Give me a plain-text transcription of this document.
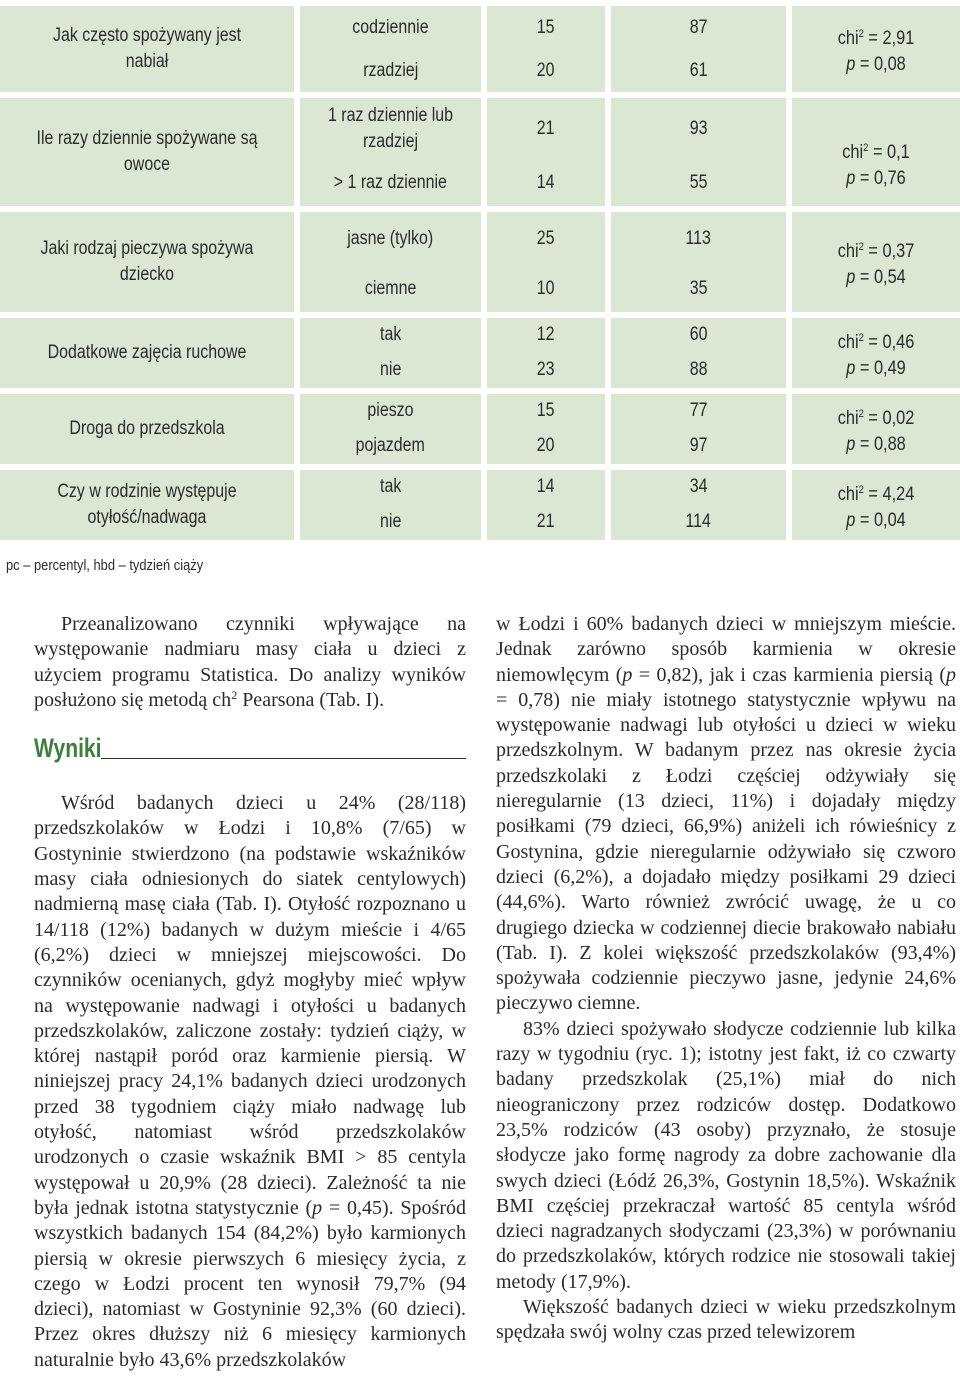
Jak często spożywany jest nabiał
codziennie
rzadziej
15
20
87
61
chi$^2$ = 2,91
p = 0,08
Ile razy dziennie spożywane są owoce
1 raz dziennie lub rzadziej
> 1 raz dziennie
21
14
93
55
chi$^2$ = 0,1
p = 0,76
Jaki rodzaj pieczywa spożywa dziecko
jasne (tylko)
ciemne
25
10
113
35
chi$^2$ = 0,37
p = 0,54
Dodatkowe zajęcia ruchowe
tak
nie
12
23
60
88
chi$^2$ = 0,46
p = 0,49
Droga do przedszkola
pieszo
pojazdem
15
20
77
97
chi$^2$ = 0,02
p = 0,88
Czy w rodzinie występuje otyłość/nadwaga
tak
nie
14
21
34
114
chi$^2$ = 4,24
p = 0,04
pc – percentyl, hbd – tydzień ciąży

Przeanalizowano czynniki wpływające na występowanie nadmiaru masy ciała u dzieci z użyciem programu Statistica. Do analizy wyników posłużono się metodą $ch^2$ Pearsona (Tab. I).

Wyniki

Wśród badanych dzieci u 24% (28/118) przedszkolaków w Łodzi i 10,8% (7/65) w Gostyninie stwierdzono (na podstawie wskaźników masy ciała odniesionych do siatek centylowych) nadmierną masę ciała (Tab. I). Otyłość rozpoznano u 14/118 (12%) badanych w dużym mieście i 4/65 (6,2%) dzieci w mniejszej miejscowości. Do czynników ocenianych, gdyż mogłyby mieć wpływ na występowanie nadwagi i otyłości u badanych przedszkolaków, zaliczone zostały: tydzień ciąży, w której nastąpił poród oraz karmienie piersią. W niniejszej pracy 24,1% badanych dzieci urodzonych przed 38 tygodniem ciąży miało nadwagę lub otyłość, natomiast wśród przedszkolaków urodzonych o czasie wskaźnik BMI > 85 centyla występował u 20,9% (28 dzieci). Zależność ta nie była jednak istotna statystycznie (p = 0,45). Spośród wszystkich badanych 154 (84,2%) było karmionych piersią w okresie pierwszych 6 miesięcy życia, z czego w Łodzi procent ten wynosił 79,7% (94 dzieci), natomiast w Gostyninie 92,3% (60 dzieci). Przez okres dłuższy niż 6 miesięcy karmionych naturalnie było 43,6% przedszkolaków

w Łodzi i 60% badanych dzieci w mniejszym mieście. Jednak zarówno sposób karmienia w okresie niemowlęcym (p = 0,82), jak i czas karmienia piersią (p = 0,78) nie miały istotnego statystycznie wpływu na występowanie nadwagi lub otyłości u dzieci w wieku przedszkolnym. W badanym przez nas okresie życia przedszkolaki z Łodzi częściej odżywiały się nieregularnie (13 dzieci, 11%) i dojadały między posiłkami (79 dzieci, 66,9%) aniżeli ich rówieśnicy z Gostynina, gdzie nieregularnie odżywiało się czworo dzieci (6,2%), a dojadało między posiłkami 29 dzieci (44,6%). Warto również zwrócić uwagę, że u co drugiego dziecka w codziennej diecie brakowało nabiału (Tab. I). Z kolei większość przedszkolaków (93,4%) spożywała codziennie pieczywo jasne, jedynie 24,6% pieczywo ciemne.

83% dzieci spożywało słodycze codziennie lub kilka razy w tygodniu (ryc. 1); istotny jest fakt, iż co czwarty badany przedszkolak (25,1%) miał do nich nieograniczony przez rodziców dostęp. Dodatkowo 23,5% rodziców (43 osoby) przyznało, że stosuje słodycze jako formę nagrody za dobre zachowanie dla swych dzieci (Łódź 26,3%, Gostynin 18,5%). Wskaźnik BMI częściej przekraczał wartość 85 centyla wśród dzieci nagradzanych słodyczami (23,3%) w porównaniu do przedszkolaków, których rodzice nie stosowali takiej metody (17,9%).

Większość badanych dzieci w wieku przedszkolnym spędzała swój wolny czas przed telewizorem
